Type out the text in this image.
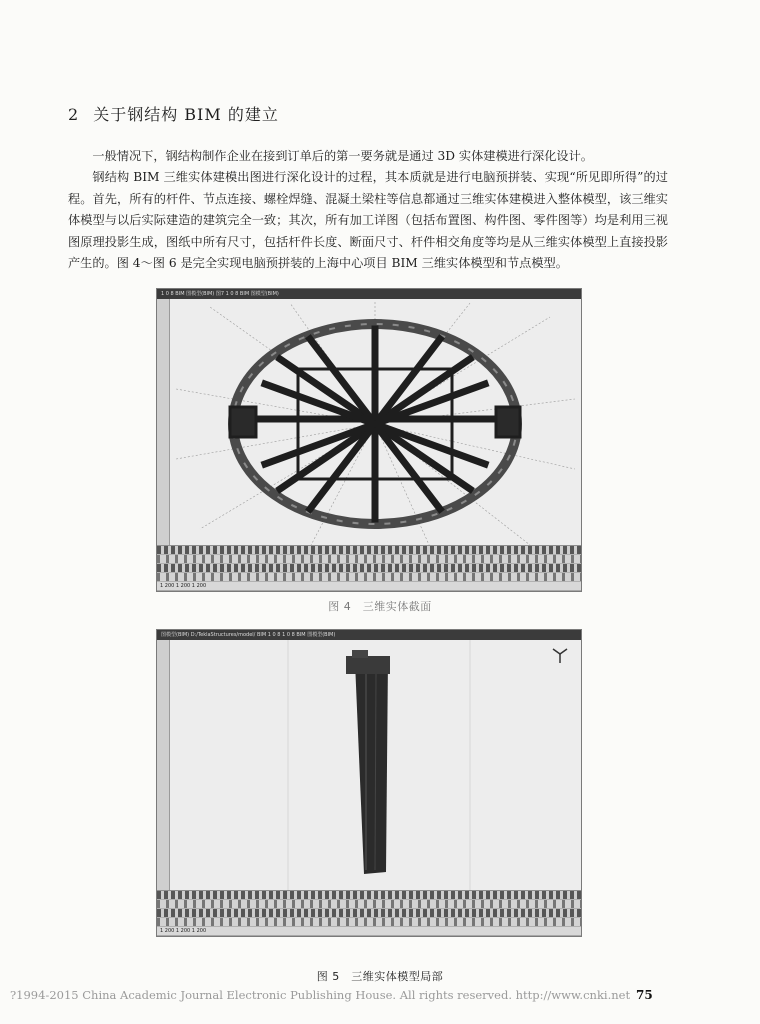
2 关于钢结构 BIM 的建立

一般情况下，钢结构制作企业在接到订单后的第一要务就是通过 3D 实体建模进行深化设计。

钢结构 BIM 三维实体建模出图进行深化设计的过程，其本质就是进行电脑预拼装、实现“所见即所得”的过程。首先，所有的杆件、节点连接、螺栓焊缝、混凝土梁柱等信息都通过三维实体建模进入整体模型，该三维实体模型与以后实际建造的建筑完全一致；其次，所有加工详图（包括布置图、构件图、零件图等）均是利用三视图原理投影生成，图纸中所有尺寸，包括杆件长度、断面尺寸、杆件相交角度等均是从三维实体模型上直接投影产生的。图 4～图 6 是完全实现电脑预拼装的上海中心项目 BIM 三维实体模型和节点模型。

1 0 8 BIM 图模型(BIM) 图7 1 0 8 BIM 图模型(BIM)
1 200 1 200 1 200

图 4　三维实体截面

图模型(BIM) D:/TeklaStructures/model/ BIM 1 0 8 1 0 8 BIM 图模型(BIM)
1 200 1 200 1 200

图 5　三维实体模型局部

?1994-2015 China Academic Journal Electronic Publishing House. All rights reserved. http://www.cnki.net 75
